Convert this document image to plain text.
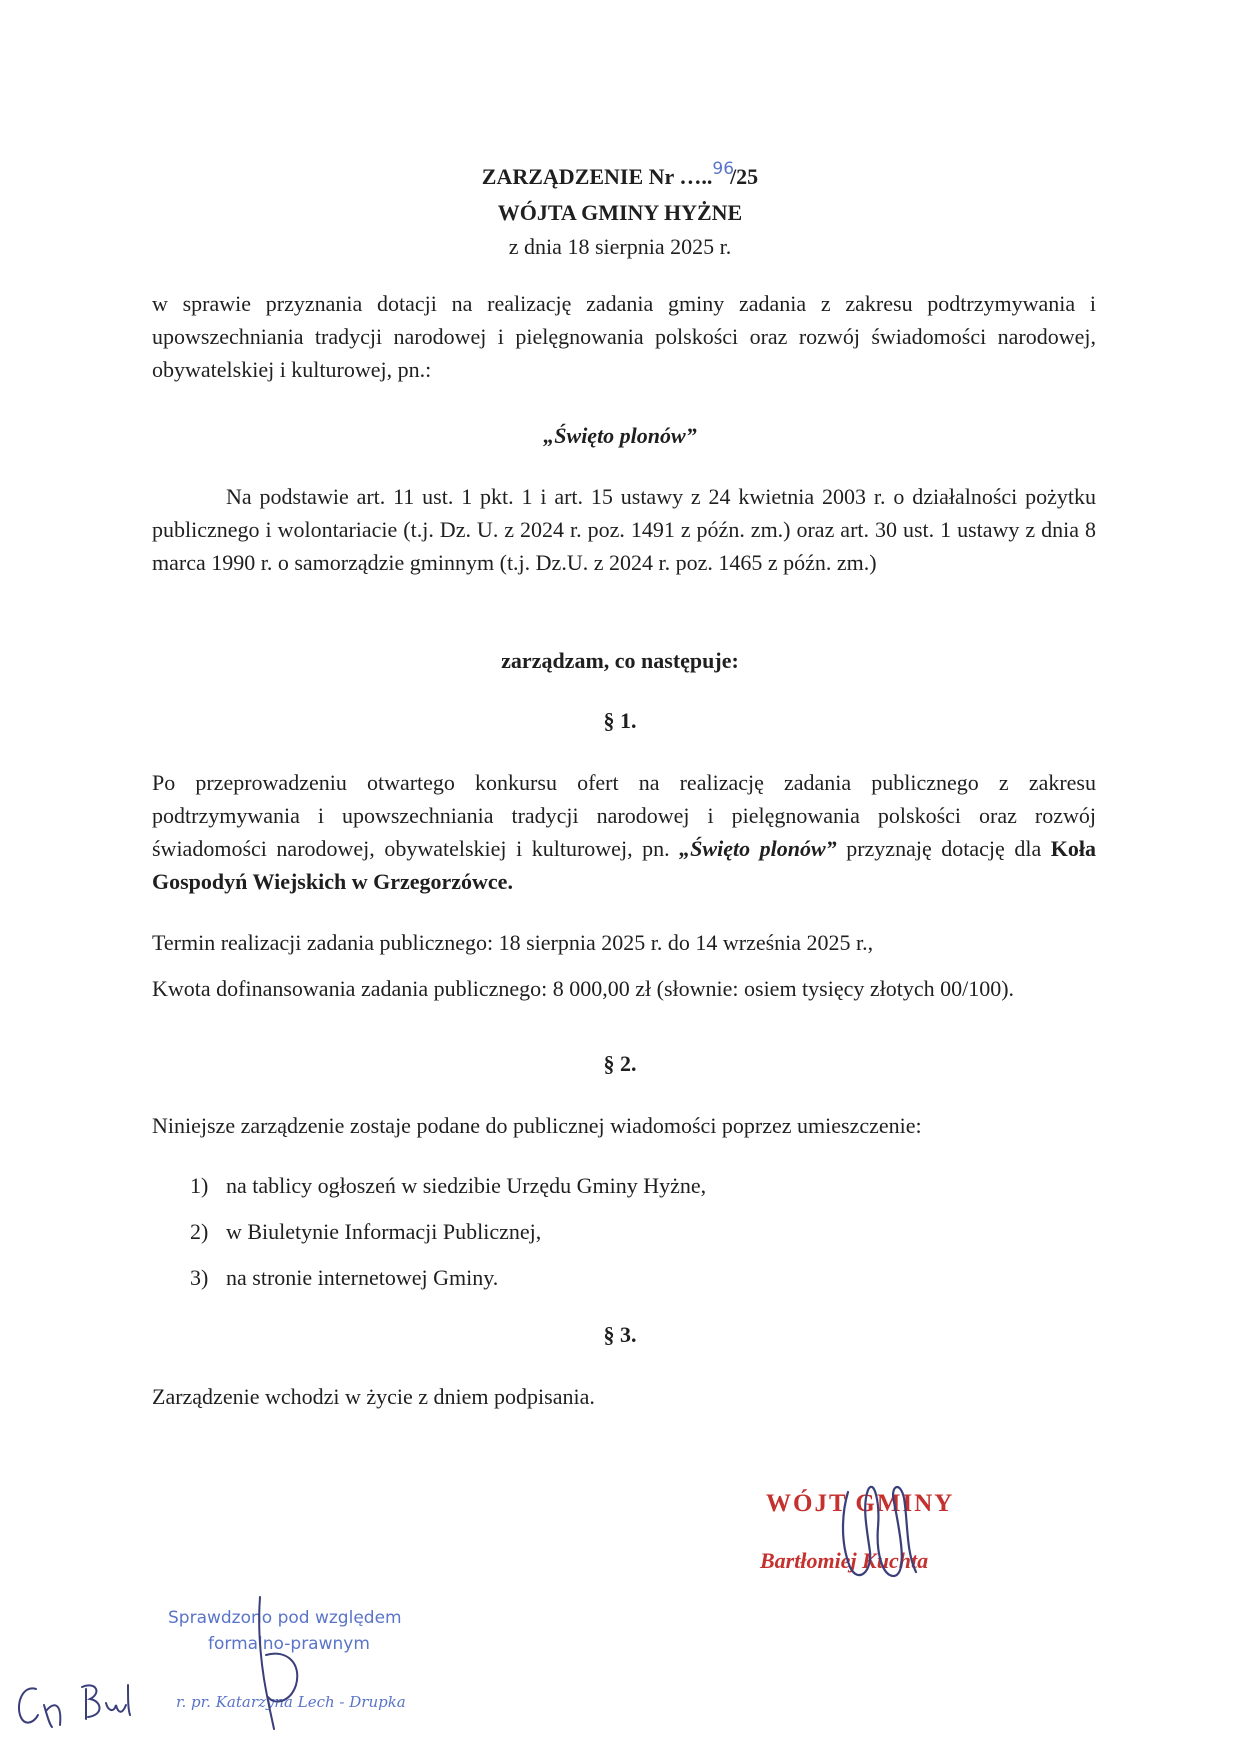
ZARZĄDZENIE Nr …..96/25
WÓJTA GMINY HYŻNE
z dnia 18 sierpnia 2025 r.
w sprawie przyznania dotacji na realizację zadania gminy zadania z zakresu podtrzymywania i upowszechniania tradycji narodowej i pielęgnowania polskości oraz rozwój świadomości narodowej, obywatelskiej i kulturowej, pn.:
„Święto plonów”
Na podstawie art. 11 ust. 1 pkt. 1 i art. 15 ustawy z 24 kwietnia 2003 r. o działalności pożytku publicznego i wolontariacie (t.j. Dz. U. z 2024 r. poz. 1491 z późn. zm.) oraz art. 30 ust. 1 ustawy z dnia 8 marca 1990 r. o samorządzie gminnym (t.j. Dz.U. z 2024 r. poz. 1465 z późn. zm.)
zarządzam, co następuje:
§ 1.
Po przeprowadzeniu otwartego konkursu ofert na realizację zadania publicznego z zakresu podtrzymywania i upowszechniania tradycji narodowej i pielęgnowania polskości oraz rozwój świadomości narodowej, obywatelskiej i kulturowej, pn. „Święto plonów” przyznaję dotację dla Koła Gospodyń Wiejskich w Grzegorzówce.
Termin realizacji zadania publicznego: 18 sierpnia 2025 r. do 14 września 2025 r.,
Kwota dofinansowania zadania publicznego: 8 000,00 zł (słownie: osiem tysięcy złotych 00/100).
§ 2.
Niniejsze zarządzenie zostaje podane do publicznej wiadomości poprzez umieszczenie:
1) na tablicy ogłoszeń w siedzibie Urzędu Gminy Hyżne,
2) w Biuletynie Informacji Publicznej,
3) na stronie internetowej Gminy.
§ 3.
Zarządzenie wchodzi w życie z dniem podpisania.
WÓJT GMINY
Bartłomiej Kuchta
Sprawdzono pod względem
formalno-prawnym
r. pr. Katarzyna Lech - Drupka
